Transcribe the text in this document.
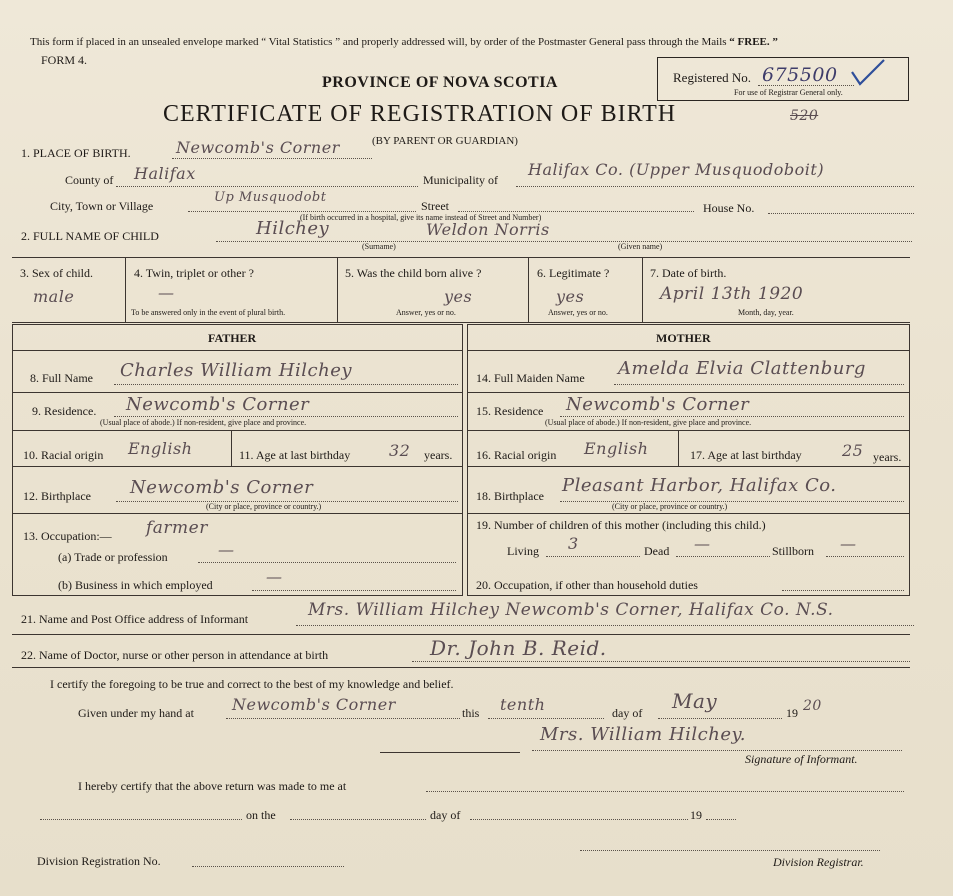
This form if placed in an unsealed envelope marked “ Vital Statistics ” and properly addressed will, by order of the Postmaster General pass through the Mails “ FREE. ”
FORM 4.
PROVINCE OF NOVA SCOTIA
CERTIFICATE OF REGISTRATION OF BIRTH	520
Registered No. 675500
For use of Registrar General only.
1. PLACE OF BIRTH.	Newcomb's Corner	(BY PARENT OR GUARDIAN)
County of Halifax	Municipality of
Halifax Co. (Upper Musquodoboit)
City, Town or Village
Up Musquodobt
Street	House No.
(If birth occurred in a hospital, give its name instead of Street and Number)
2. FULL NAME OF CHILD	Hilchey	Weldon Norris
(Surname)	(Given name)
3. Sex of child.
male
4. Twin, triplet or other ?
—
To be answered only in the event of plural birth.
5. Was the child born alive ?
yes
Answer, yes or no.
6. Legitimate ?
yes
Answer, yes or no.
7. Date of birth.
April 13th 1920
Month, day, year.
FATHER	MOTHER
8. Full Name Charles William Hilchey
9. Residence. Newcomb's Corner
(Usual place of abode.) If non-resident, give place and province.
10. Racial origin English	11. Age at last birthday 32 years.
12. Birthplace Newcomb's Corner
(City or place, province or country.)
13. Occupation:— farmer
(a) Trade or profession	—
(b) Business in which employed	—
14. Full Maiden Name Amelda Elvia Clattenburg
15. Residence Newcomb's Corner
(Usual place of abode.) If non-resident, give place and province.
16. Racial origin English	17. Age at last birthday	25 years.
18. Birthplace Pleasant Harbor, Halifax Co.
(City or place, province or country.)
19. Number of children of this mother (including this child.)
Living 3	Dead —	Stillborn —
20. Occupation, if other than household duties
21. Name and Post Office address of Informant	Mrs. William Hilchey Newcomb's Corner, Halifax Co. N.S.
22. Name of Doctor, nurse or other person in attendance at birth	Dr. John B. Reid.
I certify the foregoing to be true and correct to the best of my knowledge and belief.
Given under my hand at Newcomb's Corner	this tenth	day of May	19 20
Mrs. William Hilchey.
Signature of Informant.
I hereby certify that the above return was made to me at
on the	day of	19
Division Registration No.	Division Registrar.
